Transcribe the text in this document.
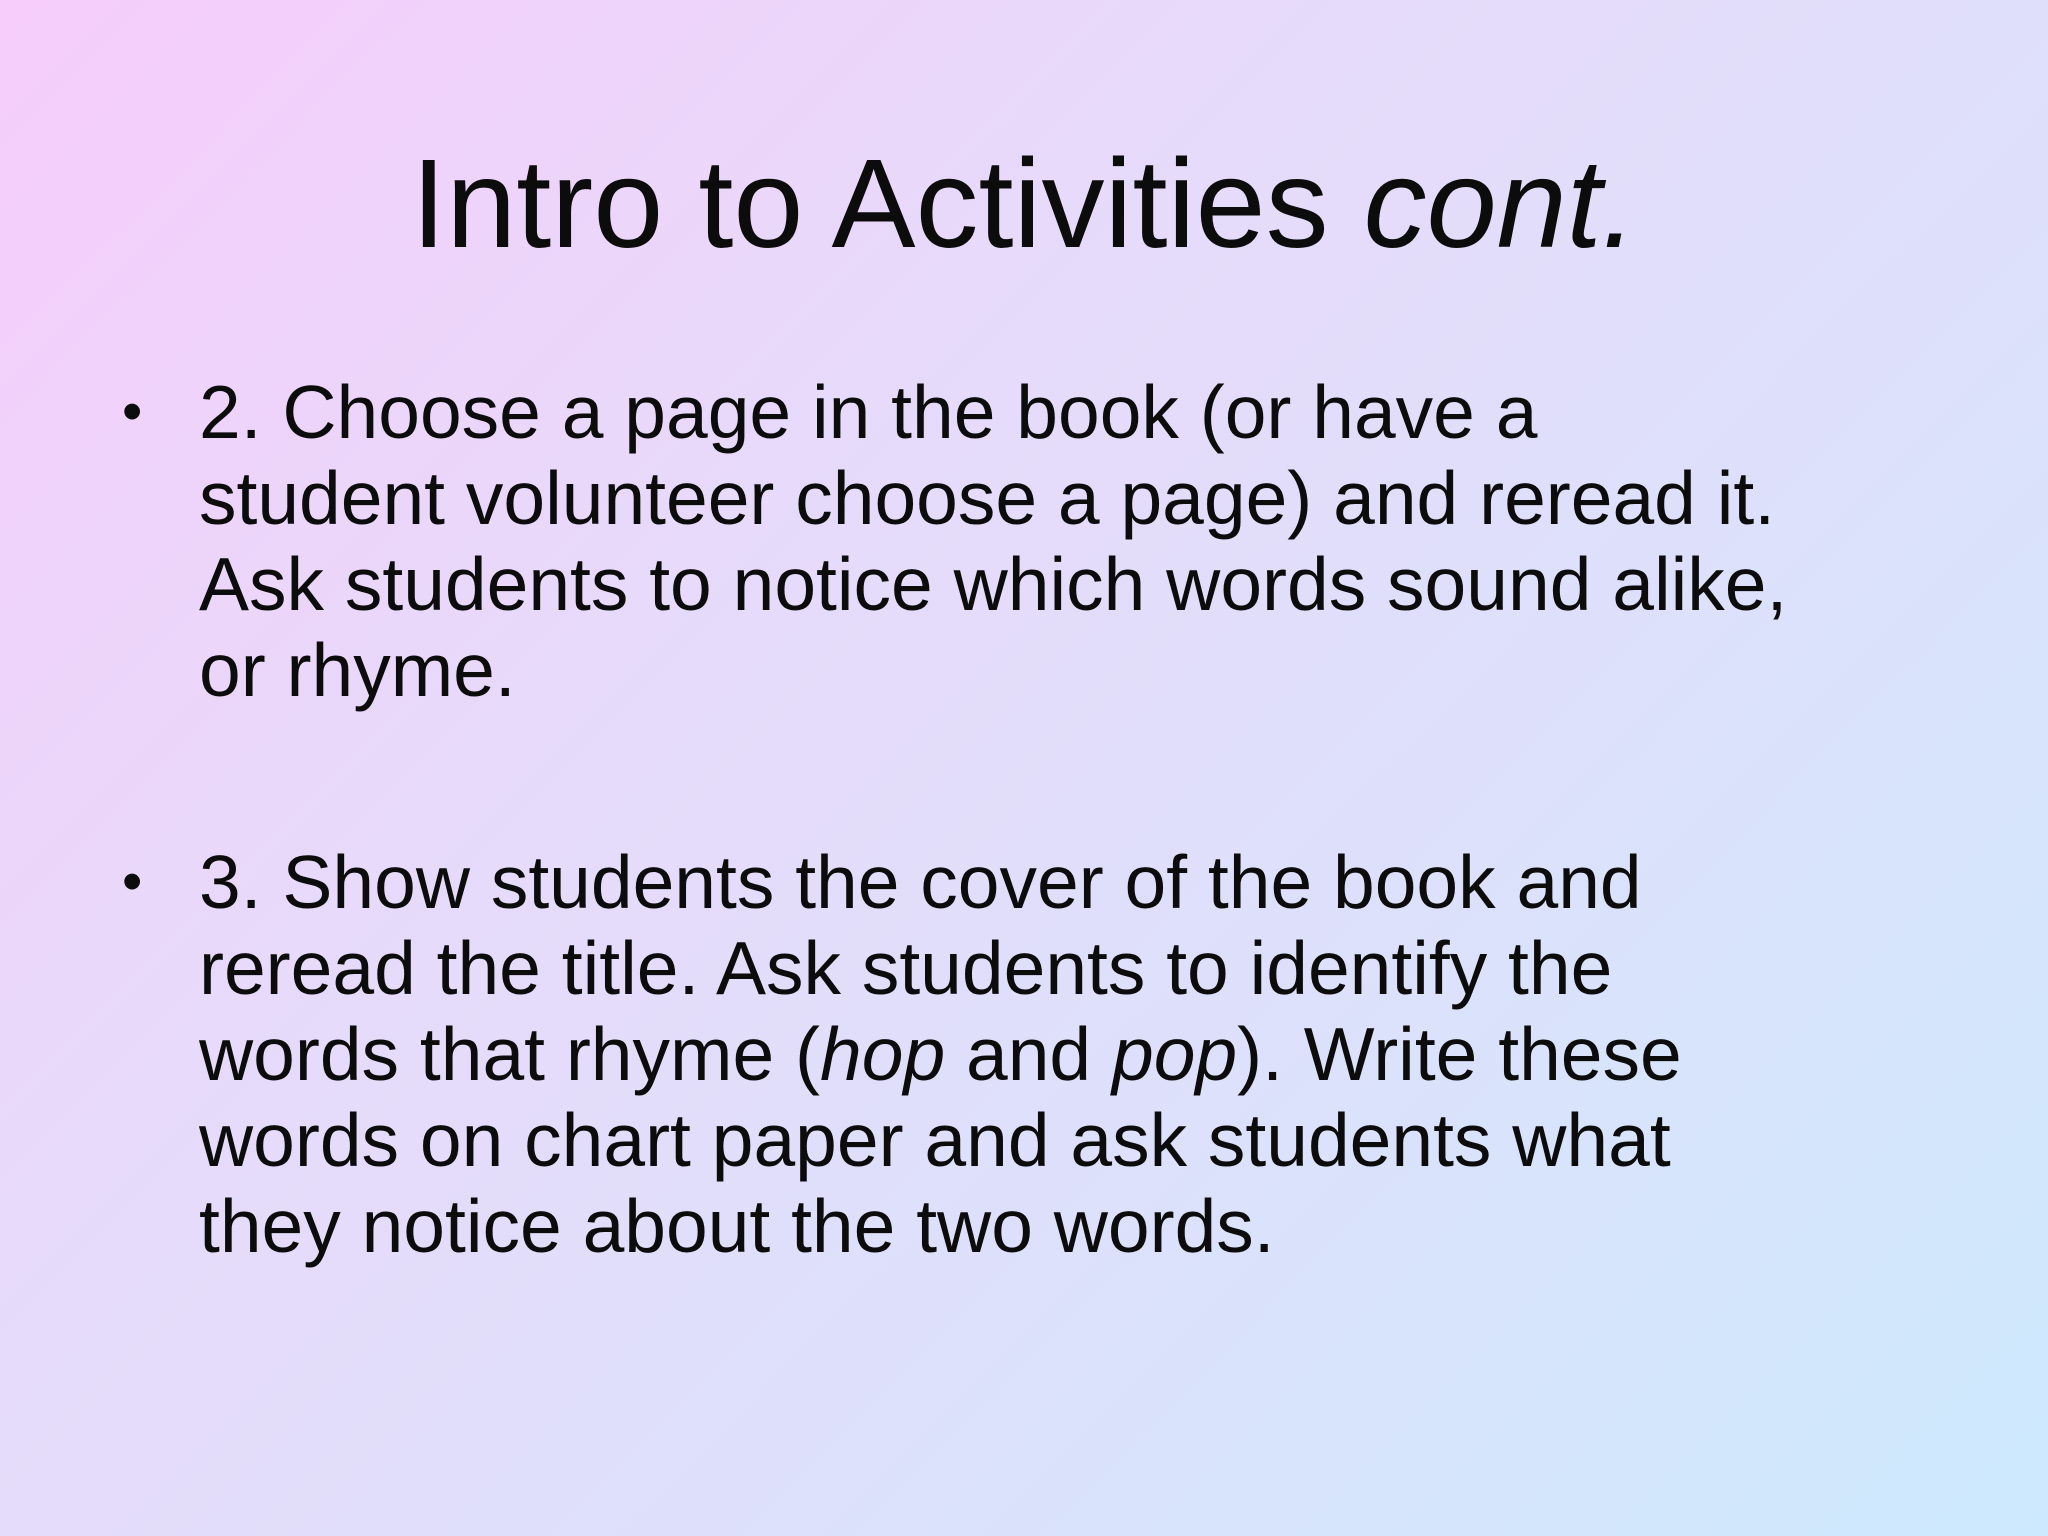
Intro to Activities cont.
• 2. Choose a page in the book (or have a
student volunteer choose a page) and reread it.
Ask students to notice which words sound alike,
or rhyme.
• 3. Show students the cover of the book and
reread the title. Ask students to identify the
words that rhyme (hop and pop). Write these
words on chart paper and ask students what
they notice about the two words.
